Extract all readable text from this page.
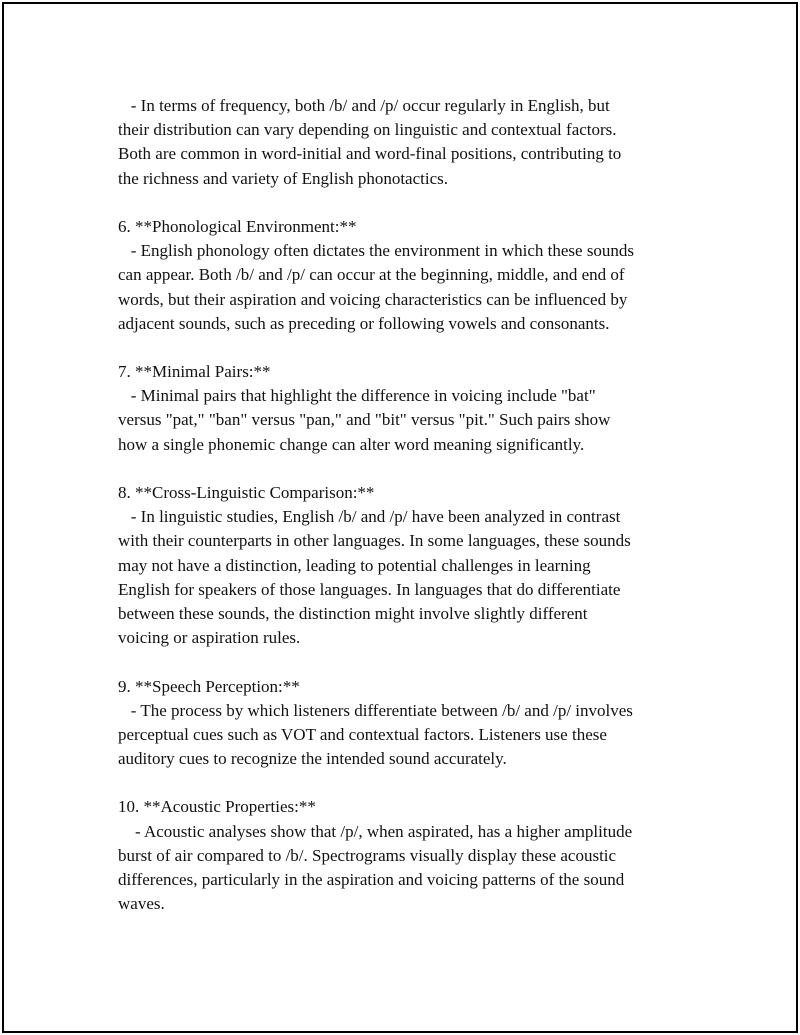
- In terms of frequency, both /b/ and /p/ occur regularly in English, but
their distribution can vary depending on linguistic and contextual factors.
Both are common in word-initial and word-final positions, contributing to
the richness and variety of English phonotactics.
6. **Phonological Environment:**
- English phonology often dictates the environment in which these sounds
can appear. Both /b/ and /p/ can occur at the beginning, middle, and end of
words, but their aspiration and voicing characteristics can be influenced by
adjacent sounds, such as preceding or following vowels and consonants.
7. **Minimal Pairs:**
- Minimal pairs that highlight the difference in voicing include "bat"
versus "pat," "ban" versus "pan," and "bit" versus "pit." Such pairs show
how a single phonemic change can alter word meaning significantly.
8. **Cross-Linguistic Comparison:**
- In linguistic studies, English /b/ and /p/ have been analyzed in contrast
with their counterparts in other languages. In some languages, these sounds
may not have a distinction, leading to potential challenges in learning
English for speakers of those languages. In languages that do differentiate
between these sounds, the distinction might involve slightly different
voicing or aspiration rules.
9. **Speech Perception:**
- The process by which listeners differentiate between /b/ and /p/ involves
perceptual cues such as VOT and contextual factors. Listeners use these
auditory cues to recognize the intended sound accurately.
10. **Acoustic Properties:**
- Acoustic analyses show that /p/, when aspirated, has a higher amplitude
burst of air compared to /b/. Spectrograms visually display these acoustic
differences, particularly in the aspiration and voicing patterns of the sound
waves.
